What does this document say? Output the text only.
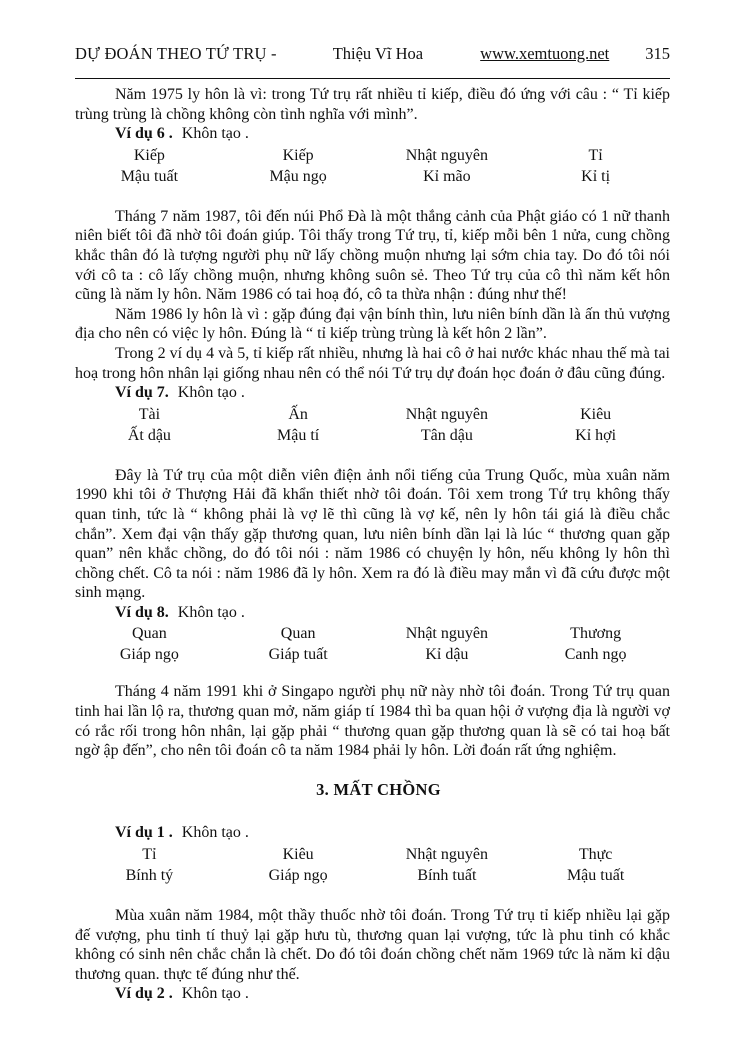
DỰ ĐOÁN THEO TỨ TRỤ -	Thiệu Vĩ Hoa	www.xemtuong.net 315

Năm 1975 ly hôn là vì: trong Tứ trụ rất nhiều tỉ kiếp, điều đó ứng với câu : “ Tỉ kiếp trùng trùng là chồng không còn tình nghĩa với mình”.

Ví dụ 6 . Khôn tạo .

Kiếp	Kiếp	Nhật nguyên	Tỉ
Mậu tuất	Mậu ngọ	Kỉ mão	Kỉ tị

Tháng 7 năm 1987, tôi đến núi Phổ Đà là một thắng cảnh của Phật giáo có 1 nữ thanh niên biết tôi đã nhờ tôi đoán giúp. Tôi thấy trong Tứ trụ, tỉ, kiếp mỗi bên 1 nửa, cung chồng khắc thân đó là tượng người phụ nữ lấy chồng muộn nhưng lại sớm chia tay. Do đó tôi nói với cô ta : cô lấy chồng muộn, nhưng không suôn sẻ. Theo Tứ trụ của cô thì năm kết hôn cũng là năm ly hôn. Năm 1986 có tai hoạ đó, cô ta thừa nhận : đúng như thế!

Năm 1986 ly hôn là vì : gặp đúng đại vận bính thìn, lưu niên bính dần là ấn thủ vượng địa cho nên có việc ly hôn. Đúng là “ tỉ kiếp trùng trùng là kết hôn 2 lần”.

Trong 2 ví dụ 4 và 5, tỉ kiếp rất nhiều, nhưng là hai cô ở hai nước khác nhau thế mà tai hoạ trong hôn nhân lại giống nhau nên có thể nói Tứ trụ dự đoán học đoán ở đâu cũng đúng.

Ví dụ 7. Khôn tạo .

Tài	Ấn	Nhật nguyên	Kiêu
Ất dậu	Mậu tí	Tân dậu	Kỉ hợi

Đây là Tứ trụ của một diễn viên điện ảnh nổi tiếng của Trung Quốc, mùa xuân năm 1990 khi tôi ở Thượng Hải đã khẩn thiết nhờ tôi đoán. Tôi xem trong Tứ trụ không thấy quan tinh, tức là “ không phải là vợ lẽ thì cũng là vợ kế, nên ly hôn tái giá là điều chắc chắn”. Xem đại vận thấy gặp thương quan, lưu niên bính dần lại là lúc “ thương quan gặp quan” nên khắc chồng, do đó tôi nói : năm 1986 có chuyện ly hôn, nếu không ly hôn thì chồng chết. Cô ta nói : năm 1986 đã ly hôn. Xem ra đó là điều may mắn vì đã cứu được một sinh mạng.

Ví dụ 8. Khôn tạo .

Quan	Quan	Nhật nguyên	Thương
Giáp ngọ	Giáp tuất	Kỉ dậu	Canh ngọ

Tháng 4 năm 1991 khi ở Singapo người phụ nữ này nhờ tôi đoán. Trong Tứ trụ quan tinh hai lần lộ ra, thương quan mở, năm giáp tí 1984 thì ba quan hội ở vượng địa là người vợ có rắc rối trong hôn nhân, lại gặp phải “ thương quan gặp thương quan là sẽ có tai hoạ bất ngờ ập đến”, cho nên tôi đoán cô ta năm 1984 phải ly hôn. Lời đoán rất ứng nghiệm.

3. MẤT CHỒNG

Ví dụ 1 . Khôn tạo .

Tỉ	Kiêu	Nhật nguyên	Thực
Bính tý	Giáp ngọ	Bính tuất	Mậu tuất

Mùa xuân năm 1984, một thầy thuốc nhờ tôi đoán. Trong Tứ trụ tỉ kiếp nhiều lại gặp đế vượng, phu tinh tí thuỷ lại gặp hưu tù, thương quan lại vượng, tức là phu tinh có khắc không có sinh nên chắc chắn là chết. Do đó tôi đoán chồng chết năm 1969 tức là năm kỉ dậu thương quan. thực tế đúng như thế.

Ví dụ 2 . Khôn tạo .
